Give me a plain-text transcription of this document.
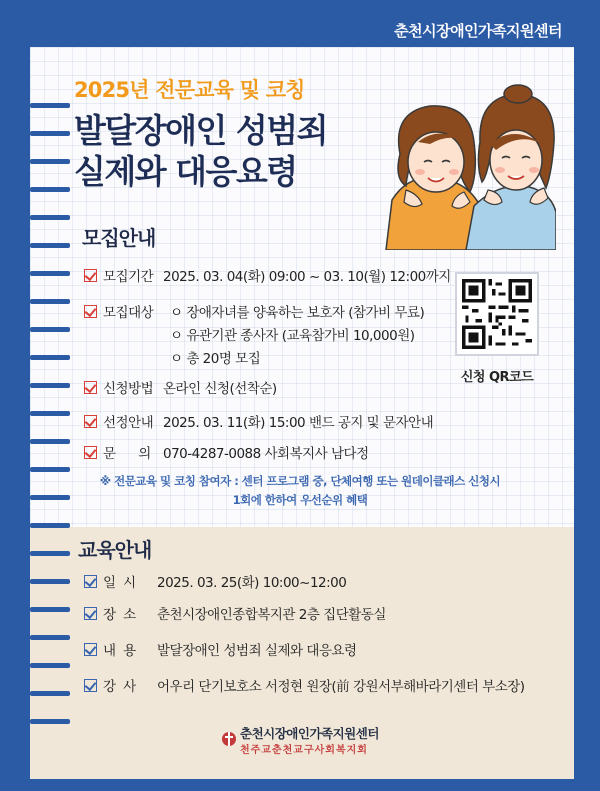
춘천시장애인가족지원센터
2025년 전문교육 및 코칭
발달장애인 성범죄
실제와 대응요령
모집안내
모집기간 2025. 03. 04(화) 09:00 ~ 03. 10(월) 12:00까지
모집대상	ㅇ 장애자녀를 양육하는 보호자 (참가비 무료)
ㅇ 유관기관 종사자 (교육참가비 10,000원)
ㅇ 총 20명 모집
신청방법 온라인 신청(선착순)
선정안내 2025. 03. 11(화) 15:00 밴드 공지 및 문자안내
문      의 070-4287-0088 사회복지사 남다정
※ 전문교육 및 코칭 참여자 : 센터 프로그램 중, 단체여행 또는 원데이클래스 신청시
1회에 한하여 우선순위 혜택
신청 QR코드
교육안내
일  시 2025. 03. 25(화) 10:00~12:00
장  소 춘천시장애인종합복지관 2층 집단활동실
내  용 발달장애인 성범죄 실제와 대응요령
강  사 어우리 단기보호소 서정현 원장(前 강원서부해바라기센터 부소장)
춘천시장애인가족지원센터
천주교춘천교구사회복지회
